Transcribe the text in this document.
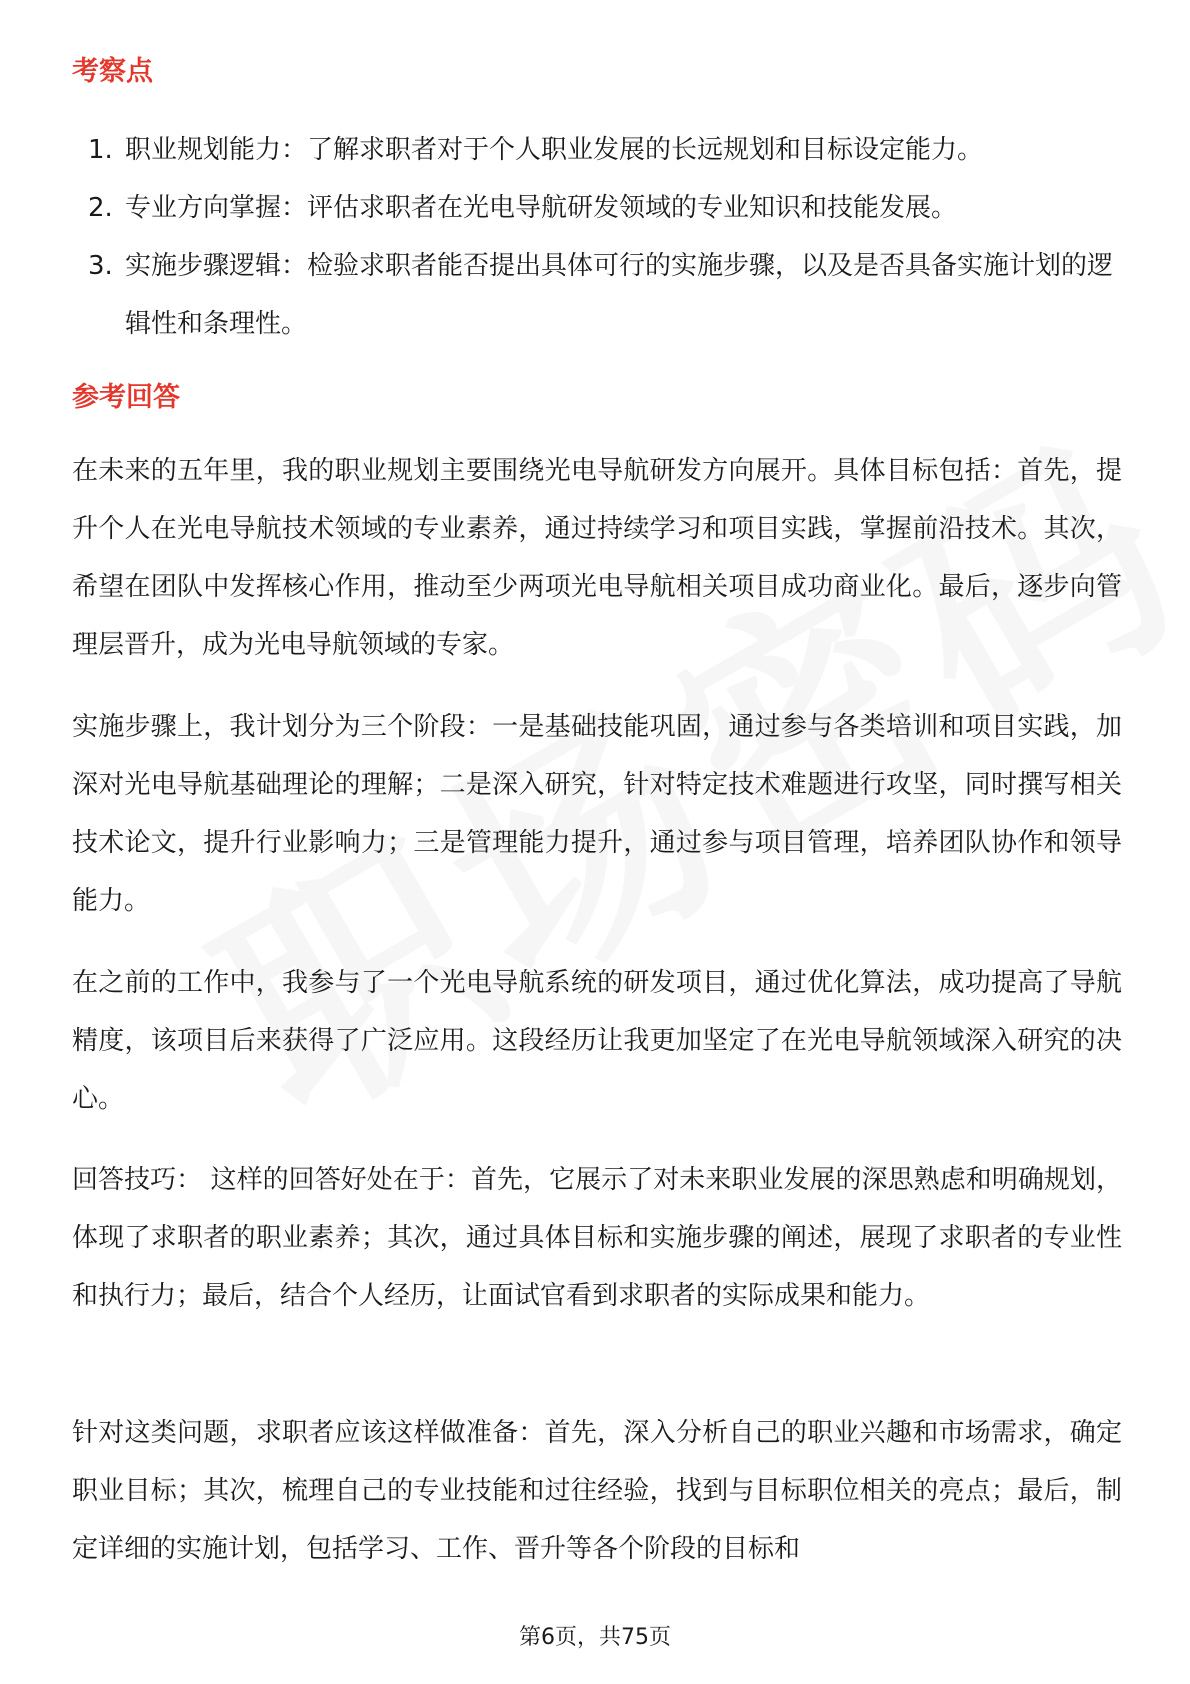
考察点
1. 职业规划能力：了解求职者对于个人职业发展的长远规划和目标设定能力。
2. 专业方向掌握：评估求职者在光电导航研发领域的专业知识和技能发展。
3. 实施步骤逻辑：检验求职者能否提出具体可行的实施步骤，以及是否具备实施计划的逻辑性和条理性。
参考回答

在未来的五年里，我的职业规划主要围绕光电导航研发方向展开。具体目标包括：首先，提升个人在光电导航技术领域的专业素养，通过持续学习和项目实践，掌握前沿技术。其次，希望在团队中发挥核心作用，推动至少两项光电导航相关项目成功商业化。最后，逐步向管理层晋升，成为光电导航领域的专家。

实施步骤上，我计划分为三个阶段：一是基础技能巩固，通过参与各类培训和项目实践，加深对光电导航基础理论的理解；二是深入研究，针对特定技术难题进行攻坚，同时撰写相关技术论文，提升行业影响力；三是管理能力提升，通过参与项目管理，培养团队协作和领导能力。

在之前的工作中，我参与了一个光电导航系统的研发项目，通过优化算法，成功提高了导航精度，该项目后来获得了广泛应用。这段经历让我更加坚定了在光电导航领域深入研究的决心。

回答技巧： 这样的回答好处在于：首先，它展示了对未来职业发展的深思熟虑和明确规划，体现了求职者的职业素养；其次，通过具体目标和实施步骤的阐述，展现了求职者的专业性和执行力；最后，结合个人经历，让面试官看到求职者的实际成果和能力。

针对这类问题，求职者应该这样做准备：首先，深入分析自己的职业兴趣和市场需求，确定职业目标；其次，梳理自己的专业技能和过往经验，找到与目标职位相关的亮点；最后，制定详细的实施计划，包括学习、工作、晋升等各个阶段的目标和

第6页，共75页
